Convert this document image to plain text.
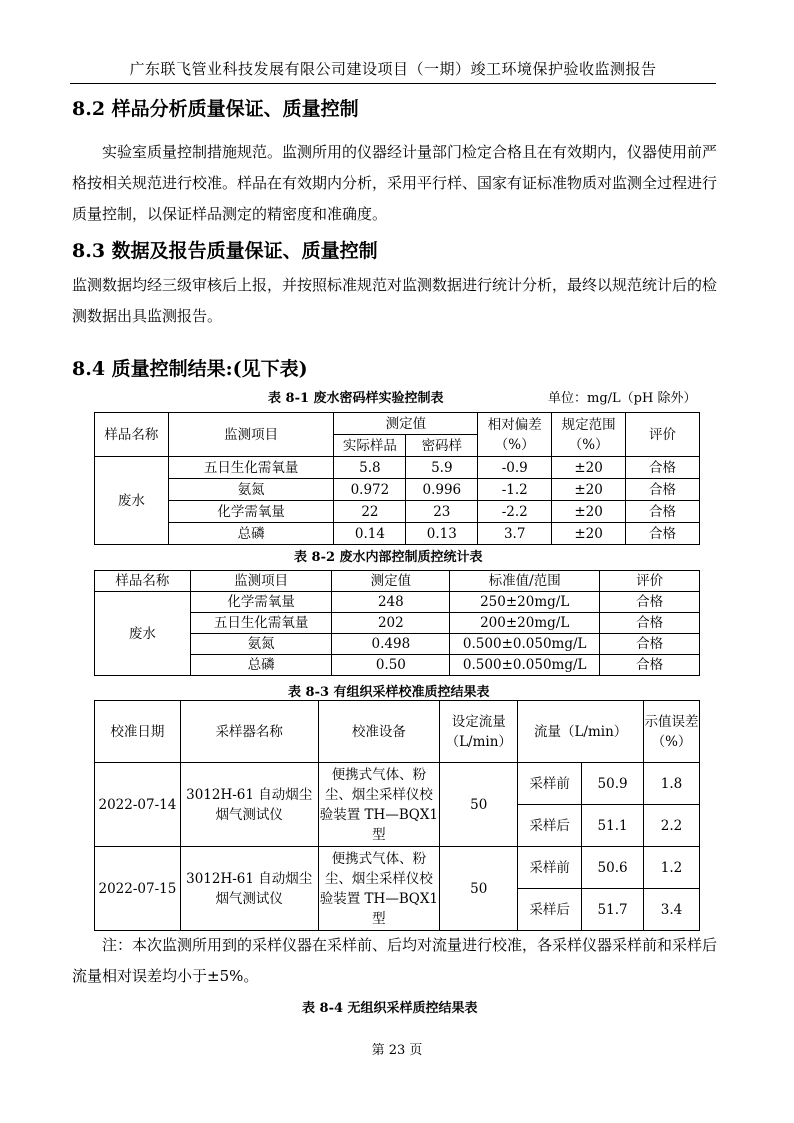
广东联飞管业科技发展有限公司建设项目（一期）竣工环境保护验收监测报告
8.2 样品分析质量保证、质量控制

实验室质量控制措施规范。监测所用的仪器经计量部门检定合格且在有效期内，仪器使用前严格按相关规范进行校准。样品在有效期内分析，采用平行样、国家有证标准物质对监测全过程进行质量控制，以保证样品测定的精密度和准确度。

8.3 数据及报告质量保证、质量控制

监测数据均经三级审核后上报，并按照标准规范对监测数据进行统计分析，最终以规范统计后的检测数据出具监测报告。

8.4 质量控制结果:(见下表)
表 8-1 废水密码样实验控制表	单位：mg/L（pH 除外）
样品名称	监测项目	测定值		相对偏差（%）	规定范围（%）	评价
		实际样品	密码样			
废水	五日生化需氧量	5.8	5.9	-0.9	±20	合格
	氨氮	0.972	0.996	-1.2	±20	合格
	化学需氧量	22	23	-2.2	±20	合格
	总磷	0.14	0.13	3.7	±20	合格
表 8-2 废水内部控制质控统计表
样品名称	监测项目	测定值	标准值/范围	评价
废水	化学需氧量	248	250±20mg/L	合格
	五日生化需氧量	202	200±20mg/L	合格
	氨氮	0.498	0.500±0.050mg/L	合格
	总磷	0.50	0.500±0.050mg/L	合格
表 8-3 有组织采样校准质控结果表
校准日期	采样器名称	校准设备	设定流量（L/min）	流量（L/min）		示值误差（%）
2022-07-14	3012H-61 自动烟尘烟气测试仪	便携式气体、粉尘、烟尘采样仪校验装置 TH—BQX1 型	50	采样前	50.9	1.8
				采样后	51.1	2.2
2022-07-15	3012H-61 自动烟尘烟气测试仪	便携式气体、粉尘、烟尘采样仪校验装置 TH—BQX1 型	50	采样前	50.6	1.2
				采样后	51.7	3.4

注：本次监测所用到的采样仪器在采样前、后均对流量进行校准，各采样仪器采样前和采样后流量相对误差均小于±5%。

表 8-4 无组织采样质控结果表
第 23 页
